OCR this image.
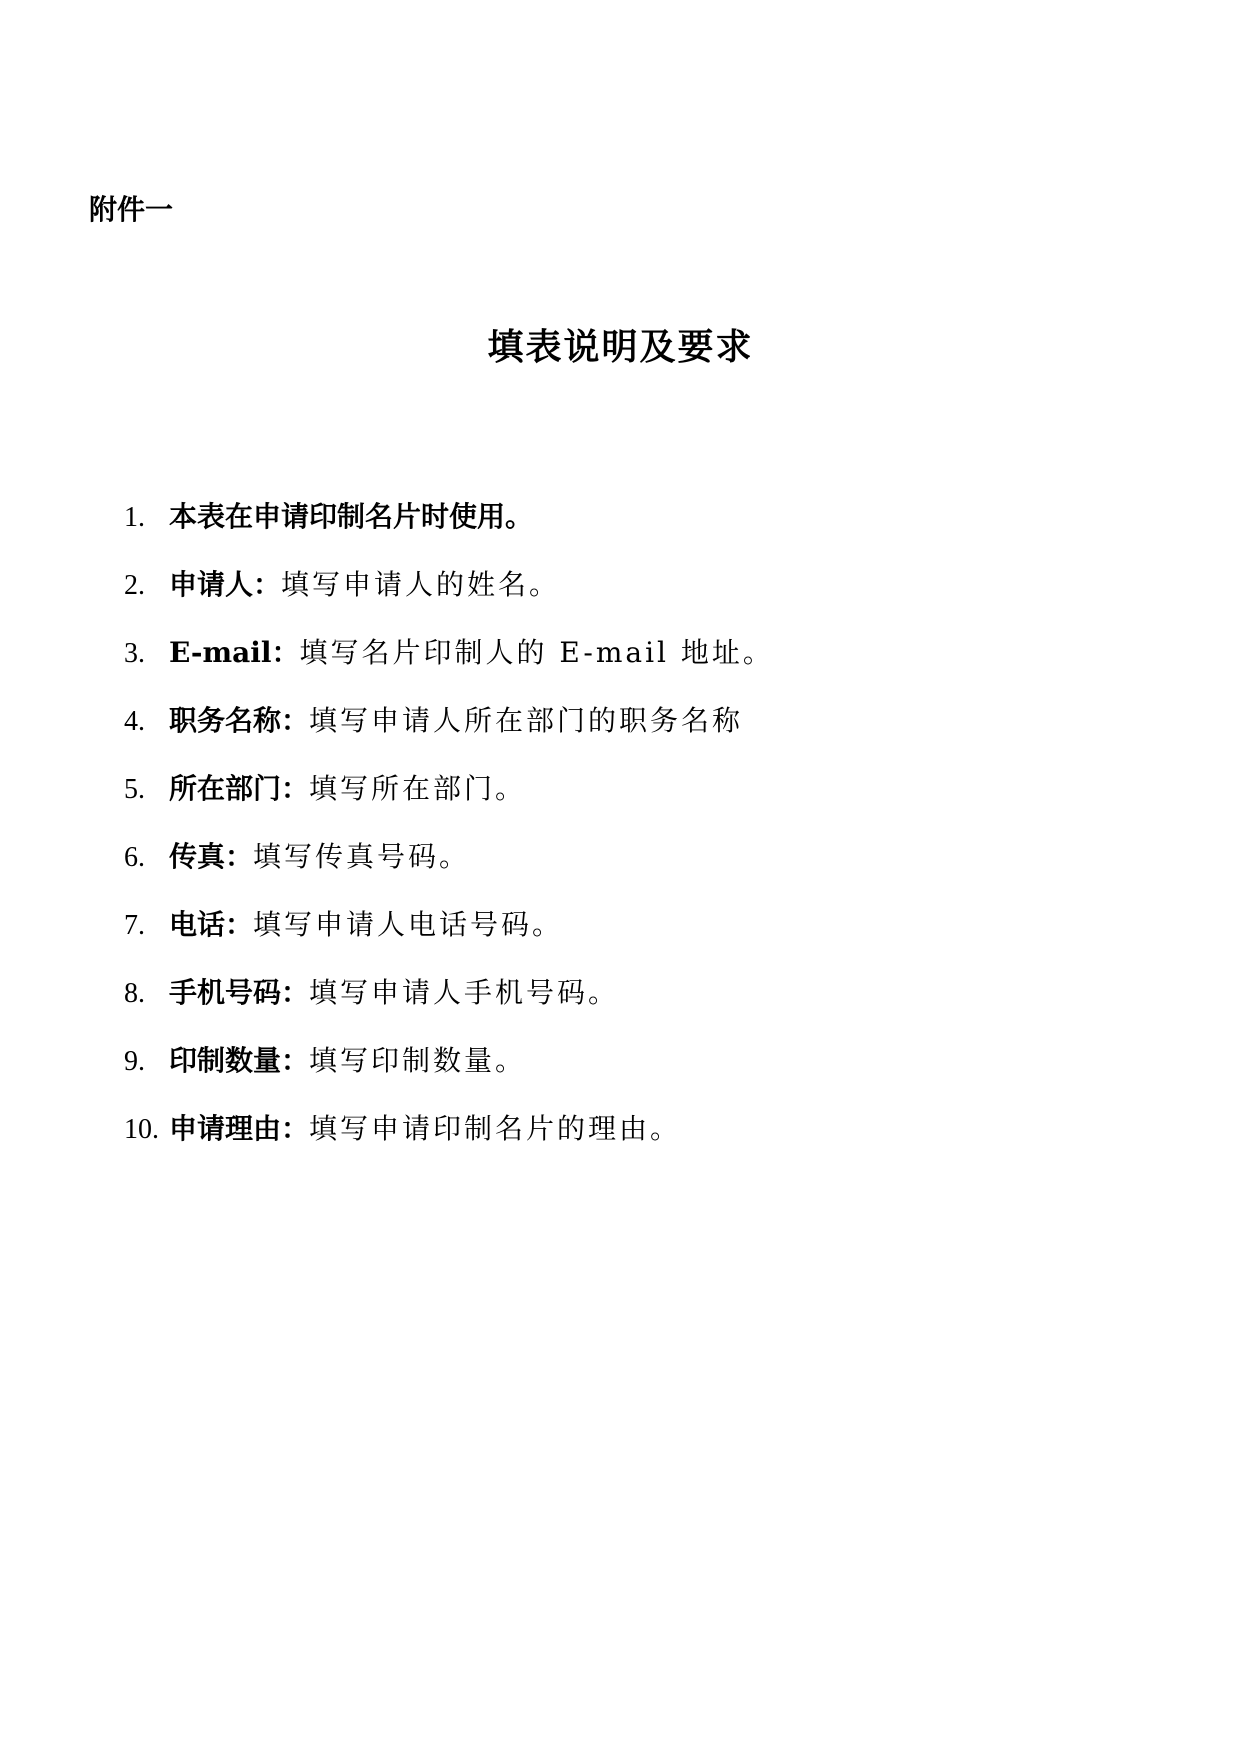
附件一
填表说明及要求
1. 本表在申请印制名片时使用。
2. 申请人：填写申请人的姓名。
3. E-mail：填写名片印制人的 E-mail 地址。
4. 职务名称：填写申请人所在部门的职务名称
5. 所在部门：填写所在部门。
6. 传真：填写传真号码。
7. 电话：填写申请人电话号码。
8. 手机号码：填写申请人手机号码。
9. 印制数量：填写印制数量。
10. 申请理由：填写申请印制名片的理由。
